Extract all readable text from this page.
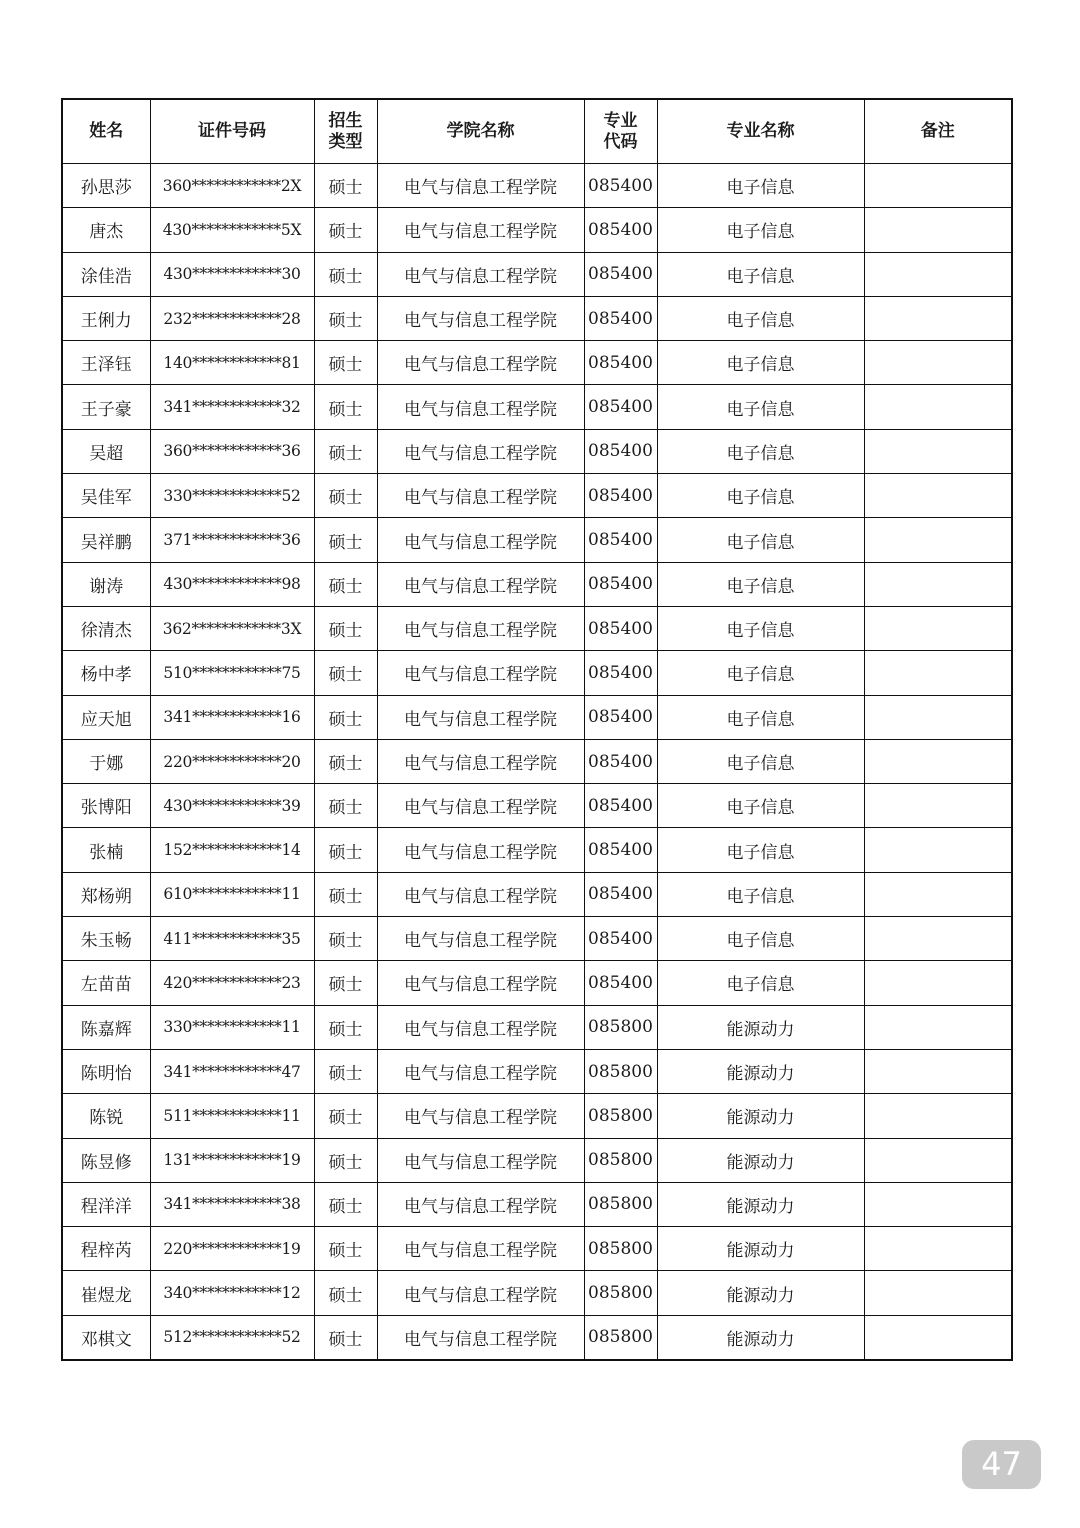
姓名	证件号码	招生类型	学院名称	专业代码	专业名称	备注
孙思莎	360************2X	硕士	电气与信息工程学院	085400	电子信息	
唐杰	430************5X	硕士	电气与信息工程学院	085400	电子信息	
涂佳浩	430************30	硕士	电气与信息工程学院	085400	电子信息	
王俐力	232************28	硕士	电气与信息工程学院	085400	电子信息	
王泽钰	140************81	硕士	电气与信息工程学院	085400	电子信息	
王子豪	341************32	硕士	电气与信息工程学院	085400	电子信息	
吴超	360************36	硕士	电气与信息工程学院	085400	电子信息	
吴佳军	330************52	硕士	电气与信息工程学院	085400	电子信息	
吴祥鹏	371************36	硕士	电气与信息工程学院	085400	电子信息	
谢涛	430************98	硕士	电气与信息工程学院	085400	电子信息	
徐清杰	362************3X	硕士	电气与信息工程学院	085400	电子信息	
杨中孝	510************75	硕士	电气与信息工程学院	085400	电子信息	
应天旭	341************16	硕士	电气与信息工程学院	085400	电子信息	
于娜	220************20	硕士	电气与信息工程学院	085400	电子信息	
张博阳	430************39	硕士	电气与信息工程学院	085400	电子信息	
张楠	152************14	硕士	电气与信息工程学院	085400	电子信息	
郑杨朔	610************11	硕士	电气与信息工程学院	085400	电子信息	
朱玉畅	411************35	硕士	电气与信息工程学院	085400	电子信息	
左苗苗	420************23	硕士	电气与信息工程学院	085400	电子信息	
陈嘉辉	330************11	硕士	电气与信息工程学院	085800	能源动力	
陈明怡	341************47	硕士	电气与信息工程学院	085800	能源动力	
陈锐	511************11	硕士	电气与信息工程学院	085800	能源动力	
陈昱修	131************19	硕士	电气与信息工程学院	085800	能源动力	
程洋洋	341************38	硕士	电气与信息工程学院	085800	能源动力	
程梓芮	220************19	硕士	电气与信息工程学院	085800	能源动力	
崔煜龙	340************12	硕士	电气与信息工程学院	085800	能源动力	
邓棋文	512************52	硕士	电气与信息工程学院	085800	能源动力	
47
